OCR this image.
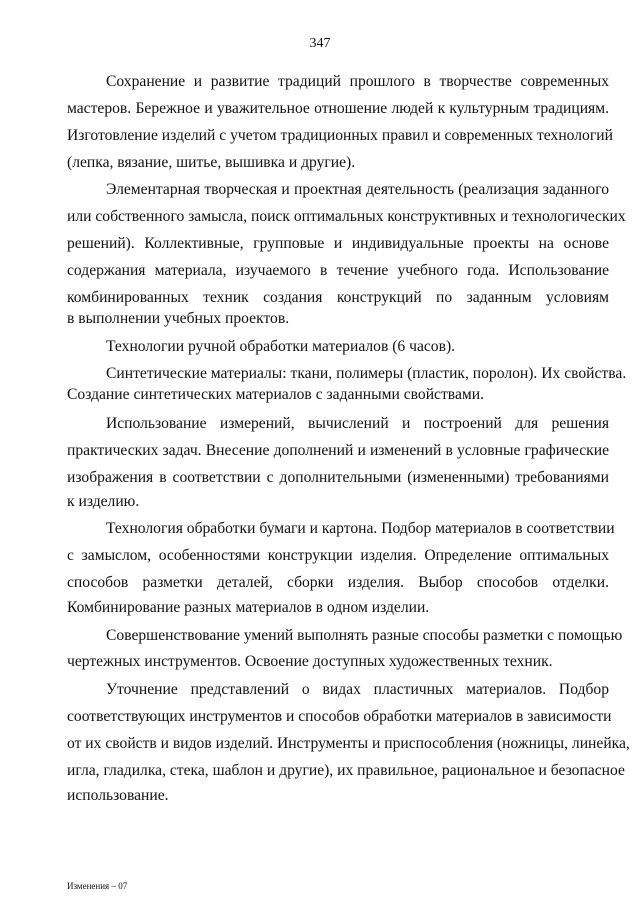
347
Сохранение и развитие традиций прошлого в творчестве современных
мастеров. Бережное и уважительное отношение людей к культурным традициям.
Изготовление изделий с учетом традиционных правил и современных технологий
(лепка, вязание, шитье, вышивка и другие).
Элементарная творческая и проектная деятельность (реализация заданного
или собственного замысла, поиск оптимальных конструктивных и технологических
решений). Коллективные, групповые и индивидуальные проекты на основе
содержания материала, изучаемого в течение учебного года. Использование
комбинированных техник создания конструкций по заданным условиям
в выполнении учебных проектов.
Технологии ручной обработки материалов (6 часов).
Синтетические материалы: ткани, полимеры (пластик, поролон). Их свойства.
Создание синтетических материалов с заданными свойствами.
Использование измерений, вычислений и построений для решения
практических задач. Внесение дополнений и изменений в условные графические
изображения в соответствии с дополнительными (измененными) требованиями
к изделию.
Технология обработки бумаги и картона. Подбор материалов в соответствии
с замыслом, особенностями конструкции изделия. Определение оптимальных
способов разметки деталей, сборки изделия. Выбор способов отделки.
Комбинирование разных материалов в одном изделии.
Совершенствование умений выполнять разные способы разметки с помощью
чертежных инструментов. Освоение доступных художественных техник.
Уточнение представлений о видах пластичных материалов. Подбор
соответствующих инструментов и способов обработки материалов в зависимости
от их свойств и видов изделий. Инструменты и приспособления (ножницы, линейка,
игла, гладилка, стека, шаблон и другие), их правильное, рациональное и безопасное
использование.
Изменения – 07
